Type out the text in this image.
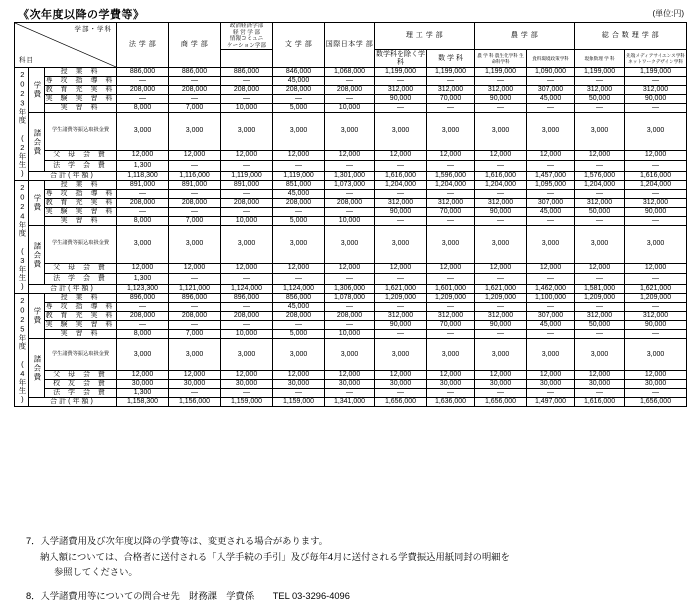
《次年度以降の学費等》	(単位:円)
学部・学科
科目
	法 学 部	商 学 部	
政治経済学部
経 営 学 部
情報コミュニ
ケーション学部	文 学 部	国際日本学 部
	理 工 学 部	農 学 部	総 合 数 理 学 部

								数学科を除く学科	数 学 科	農 学 科 農生化学科 生命科学科	食料環境政策学科	現象数理 学 科	先端メディアサイエンス学科 ネットワークデザイン学科

2023年度 (2年生)	学費	授 業 料	886,000	886,000	886,000	846,000	1,068,000	1,199,000	1,199,000	1,199,000	1,090,000	1,199,000	1,199,000
		専 攻 指 導 料	—	—	—	45,000	—	—	—	—	—	—	—
		教 育 充 実 料	208,000	208,000	208,000	208,000	208,000	312,000	312,000	312,000	307,000	312,000	312,000
		実 験 実 習 料	—	—	—	—	—	90,000	70,000	90,000	45,000	50,000	90,000
		実 習 料	8,000	7,000	10,000	5,000	10,000	—	—	—	—	—	—

	諸会費	学生諸費等振込取扱金費	3,000	3,000	3,000	3,000	3,000	3,000	3,000	3,000	3,000	3,000	3,000
		父 母 会 費	12,000	12,000	12,000	12,000	12,000	12,000	12,000	12,000	12,000	12,000	12,000
		法 学 会 費	1,300	—	—	—	—	—	—	—	—	—	—
	合計(年額)		1,118,300	1,116,000	1,119,000	1,119,000	1,301,000	1,616,000	1,596,000	1,616,000	1,457,000	1,576,000	1,616,000

2024年度 (3年生)	学費	授 業 料	891,000	891,000	891,000	851,000	1,073,000	1,204,000	1,204,000	1,204,000	1,095,000	1,204,000	1,204,000
		専 攻 指 導 料	—	—	—	45,000	—	—	—	—	—	—	—
		教 育 充 実 料	208,000	208,000	208,000	208,000	208,000	312,000	312,000	312,000	307,000	312,000	312,000
		実 験 実 習 料	—	—	—	—	—	90,000	70,000	90,000	45,000	50,000	90,000
		実 習 料	8,000	7,000	10,000	5,000	10,000	—	—	—	—	—	—

	諸会費	学生諸費等振込取扱金費	3,000	3,000	3,000	3,000	3,000	3,000	3,000	3,000	3,000	3,000	3,000
		父 母 会 費	12,000	12,000	12,000	12,000	12,000	12,000	12,000	12,000	12,000	12,000	12,000
		法 学 会 費	1,300	—	—	—	—	—	—	—	—	—	—
	合計(年額)		1,123,300	1,121,000	1,124,000	1,124,000	1,306,000	1,621,000	1,601,000	1,621,000	1,462,000	1,581,000	1,621,000

2025年度 (4年生)	学費	授 業 料	896,000	896,000	896,000	856,000	1,078,000	1,209,000	1,209,000	1,209,000	1,100,000	1,209,000	1,209,000
		専 攻 指 導 料	—	—	—	45,000	—	—	—	—	—	—	—
		教 育 充 実 料	208,000	208,000	208,000	208,000	208,000	312,000	312,000	312,000	307,000	312,000	312,000
		実 験 実 習 料	—	—	—	—	—	90,000	70,000	90,000	45,000	50,000	90,000
		実 習 料	8,000	7,000	10,000	5,000	10,000	—	—	—	—	—	—

	諸会費	学生諸費等振込取扱金費	3,000	3,000	3,000	3,000	3,000	3,000	3,000	3,000	3,000	3,000	3,000
		父 母 会 費	12,000	12,000	12,000	12,000	12,000	12,000	12,000	12,000	12,000	12,000	12,000
		校 友 会 費	30,000	30,000	30,000	30,000	30,000	30,000	30,000	30,000	30,000	30,000	30,000
		法 学 会 費	1,300	—	—	—	—	—	—	—	—	—	—
	合計(年額)		1,158,300	1,156,000	1,159,000	1,159,000	1,341,000	1,656,000	1,636,000	1,656,000	1,497,000	1,616,000	1,656,000
7．入学諸費用及び次年度以降の学費等は、変更される場合があります。
納入額については、合格者に送付される「入学手続の手引」及び毎年4月に送付される学費振込用紙同封の明細を
参照してください。
8．入学諸費用等についての問合せ先　財務課　学費係　　TEL 03-3296-4096
